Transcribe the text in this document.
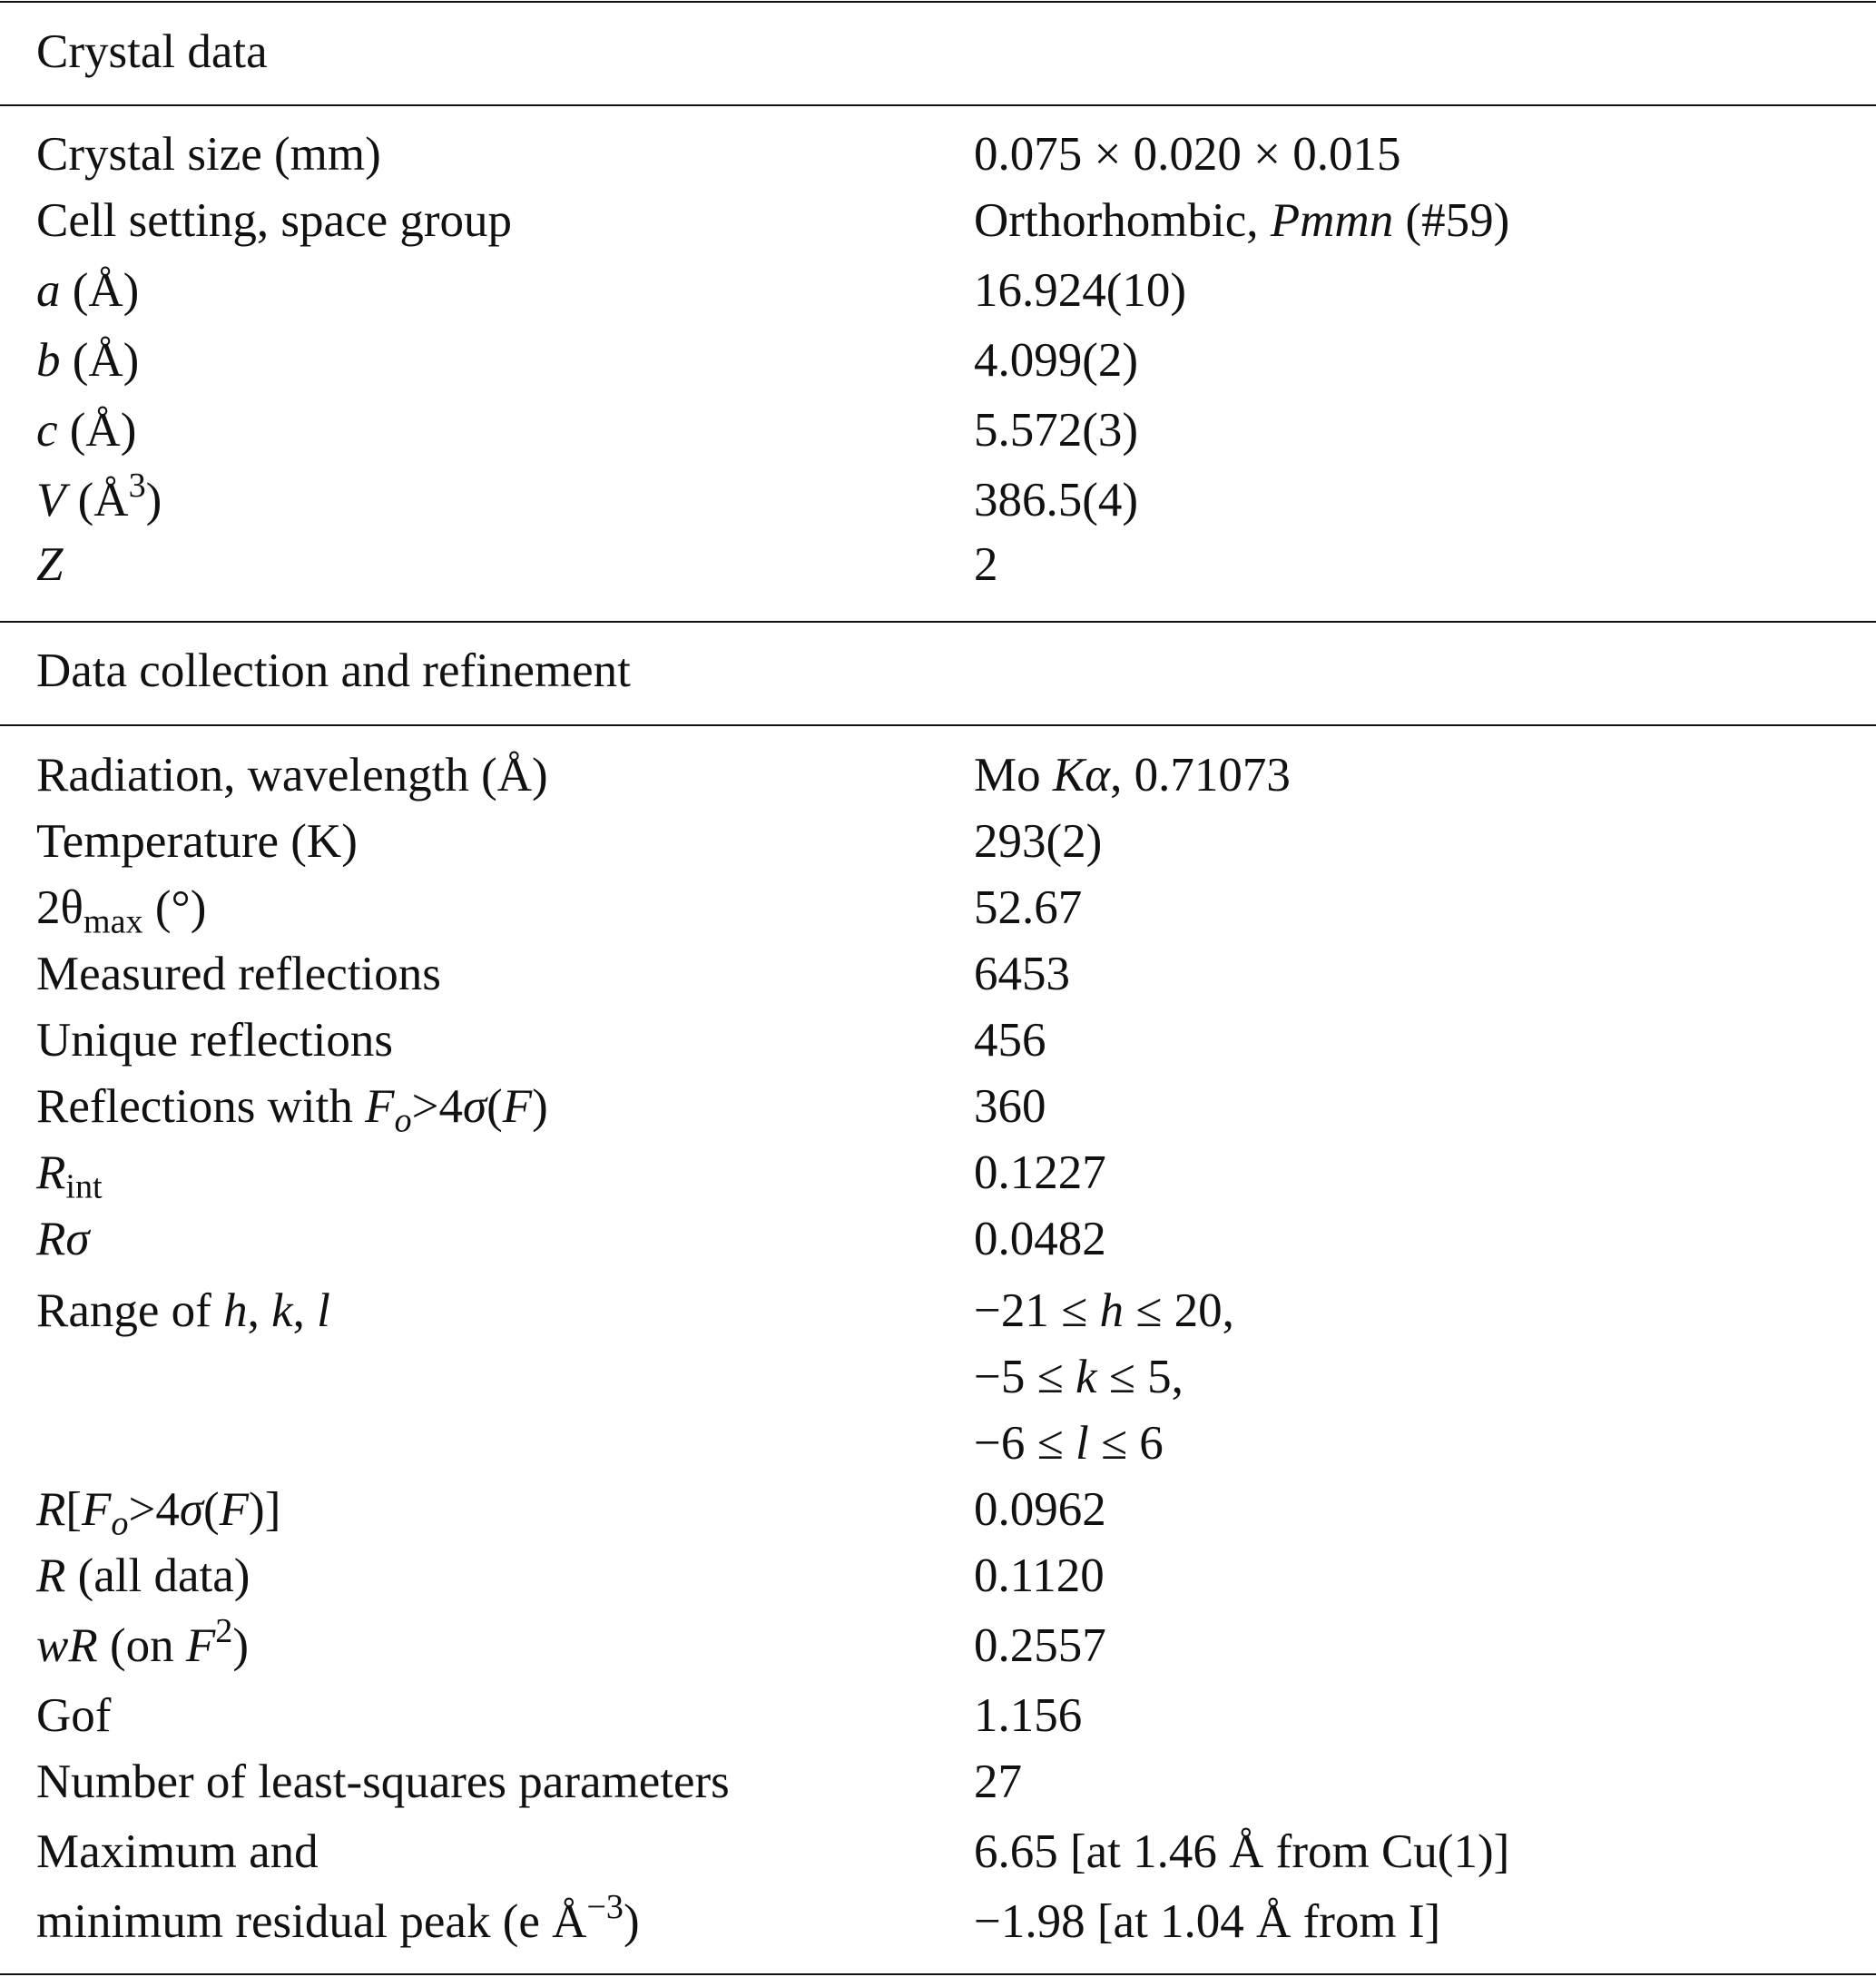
Crystal data
Crystal size (mm)	0.075 × 0.020 × 0.015
Cell setting, space group	Orthorhombic, Pmmn (#59)
a (Å)	16.924(10)
b (Å)	4.099(2)
c (Å)	5.572(3)
V $(Å^3)$	386.5(4)
Z	2
Data collection and refinement
Radiation, wavelength (Å)	Mo Kα, 0.71073
Temperature (K)	293(2)
$2\theta_{max}$ (°)	52.67
Measured reflections	6453
Unique reflections	456
Reflections with $F_o>4\sigma(F)$	360
$R_{int}$	0.1227
Rσ	0.0482
Range of h, k, l	−21 ≤ h ≤ 20,
−5 ≤ k ≤ 5,
−6 ≤ l ≤ 6
$R[F_o>4\sigma(F)]$	0.0962
R (all data)	0.1120
wR (on $F^2$)	0.2557
Gof	1.156
Number of least-squares parameters	27
Maximum and	6.65 [at 1.46 Å from Cu(1)]
minimum residual peak (e $Å^{-3}$)	−1.98 [at 1.04 Å from I]
